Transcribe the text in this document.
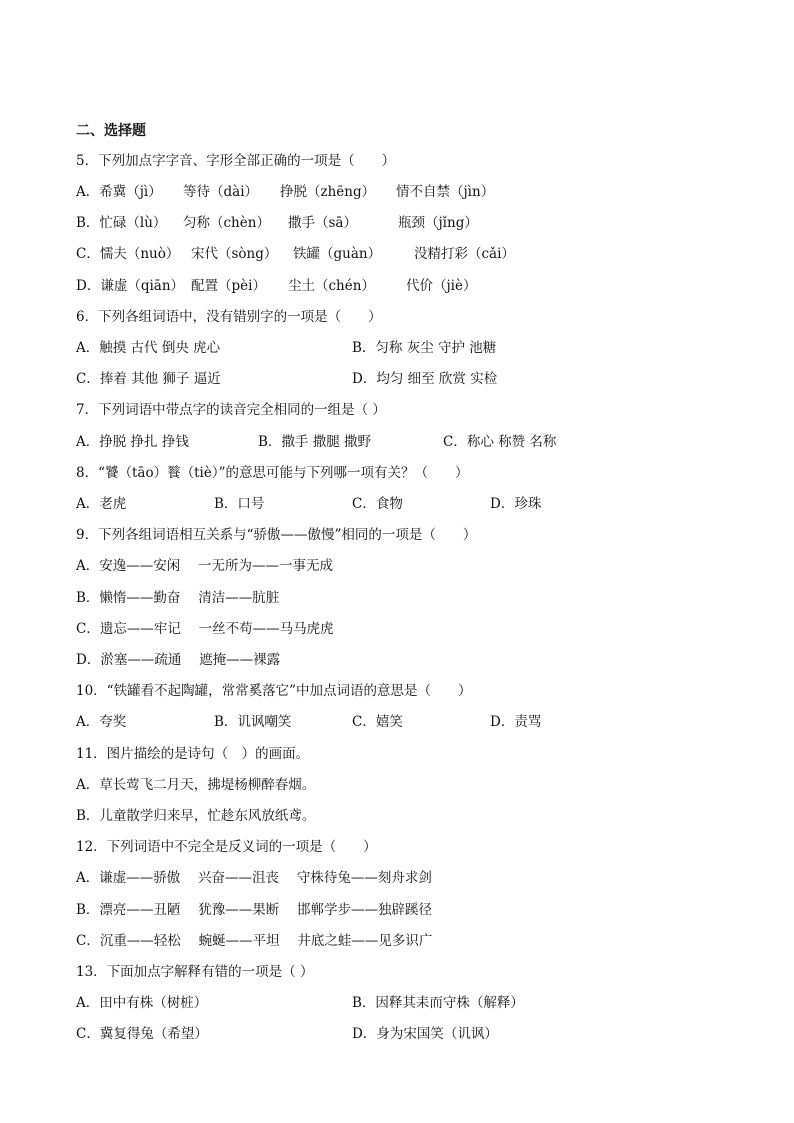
二、选择题
5．下列加点字字音、字形全部正确的一项是（　　）
A．希冀（jì） 等待（dài） 挣脱（zhēng） 情不自禁（jìn）
B．忙碌（lù） 匀称（chèn） 撒手（sā）	瓶颈（jǐng）
C．懦夫（nuò） 宋代（sòng） 铁罐（guàn） 没精打彩（cǎi）
D．谦虚（qiān） 配置（pèi） 尘土（chén） 代价（jiè）
6．下列各组词语中，没有错别字的一项是（　　）
A．触摸 古代 倒央 虎心	B．匀称 灰尘 守护 池糖
C．捧着 其他 狮子 逼近	D．均匀 细至 欣赏 实检
7．下列词语中带点字的读音完全相同的一组是（ ）
A．挣脱 挣扎 挣钱	B．撒手 撒腿 撒野	C．称心 称赞 名称
8．“饕（tāo）餮（tiè）”的意思可能与下列哪一项有关？（　　）
A．老虎	B．口号	C．食物	D．珍珠
9．下列各组词语相互关系与“骄傲——傲慢”相同的一项是（　　）
A．安逸——安闲　 一无所为——一事无成
B．懒惰——勤奋　 清洁——肮脏
C．遗忘——牢记　 一丝不苟——马马虎虎
D．淤塞——疏通　 遮掩——裸露
10．“铁罐看不起陶罐，常常奚落它”中加点词语的意思是（　　）
A．夸奖	B．讥讽嘲笑	C．嬉笑	D．责骂
11．图片描绘的是诗句（　）的画面。
A．草长莺飞二月天，拂堤杨柳醉春烟。
B．儿童散学归来早，忙趁东风放纸鸢。
12．下列词语中不完全是反义词的一项是（　　）
A．谦虚——骄傲　 兴奋——沮丧　 守株待兔——刻舟求剑
B．漂亮——丑陋　 犹豫——果断　 邯郸学步——独辟蹊径
C．沉重——轻松　 蜿蜒——平坦　 井底之蛙——见多识广
13．下面加点字解释有错的一项是（ ）
A．田中有株（树桩）	B．因释其耒而守株（解释）
C．冀复得兔（希望）	D．身为宋国笑（讥讽）
